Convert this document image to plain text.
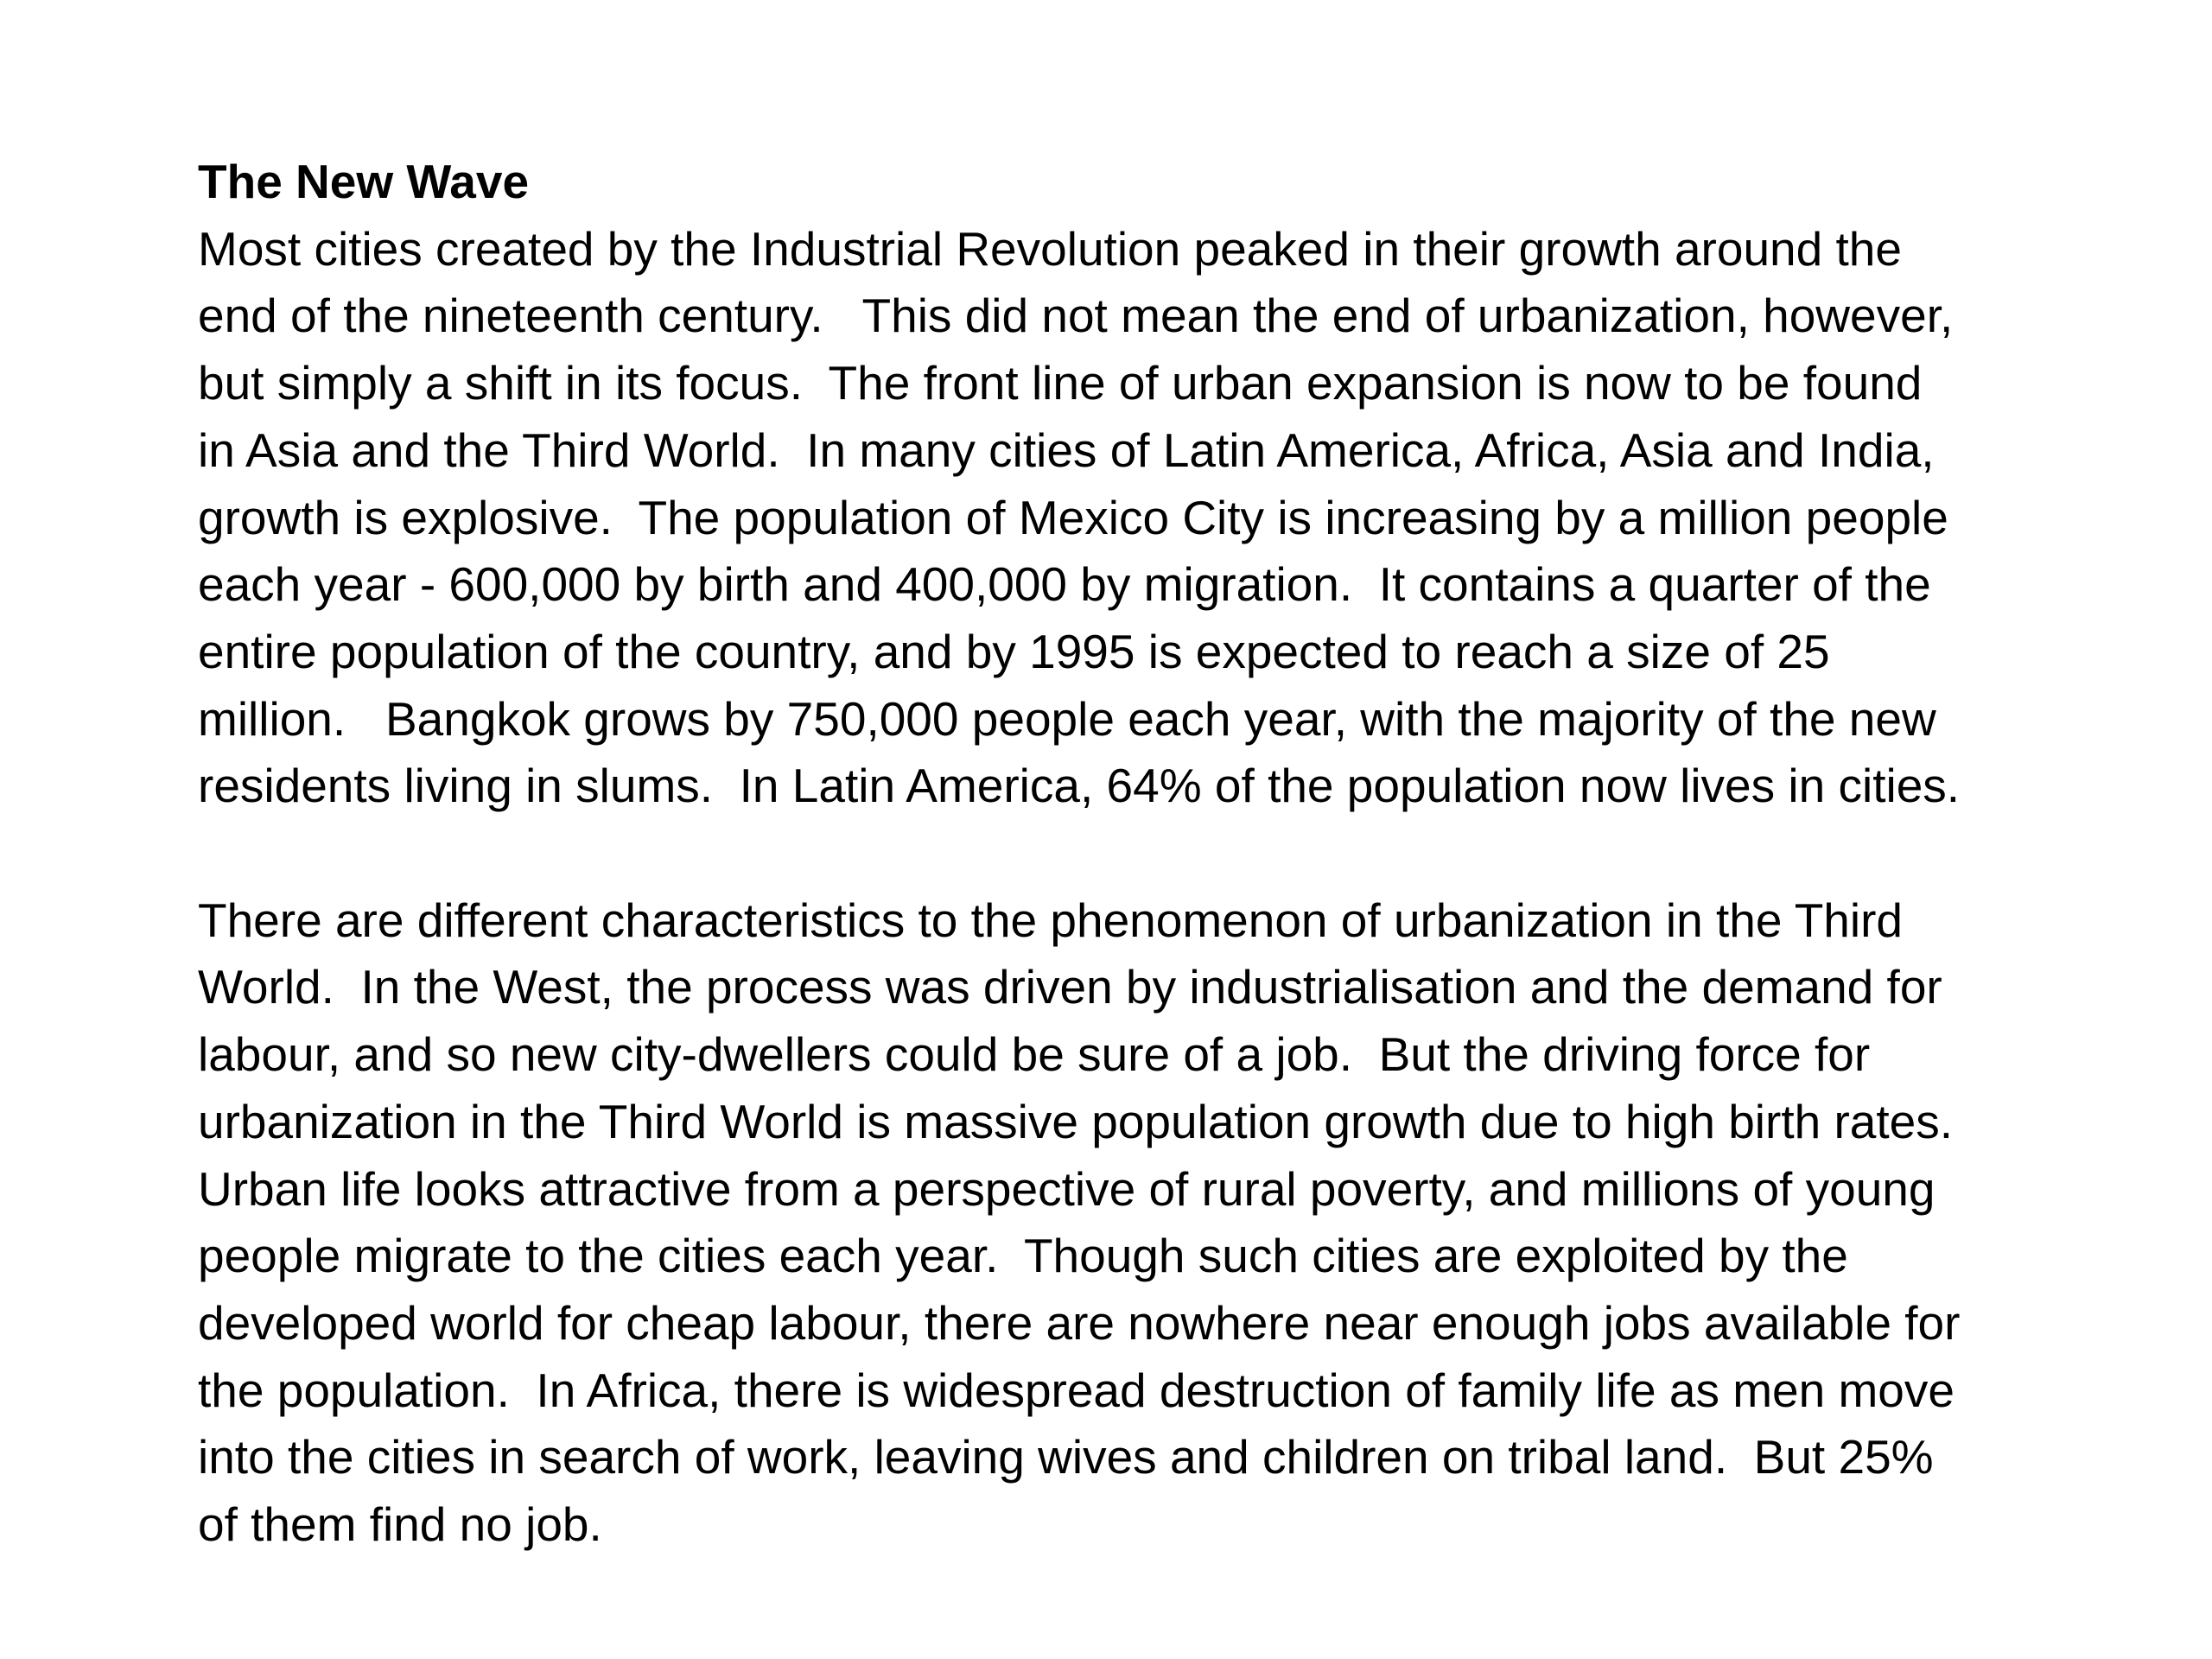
The New Wave
Most cities created by the Industrial Revolution peaked in their growth around the
end of the nineteenth century.   This did not mean the end of urbanization, however,
but simply a shift in its focus.  The front line of urban expansion is now to be found
in Asia and the Third World.  In many cities of Latin America, Africa, Asia and India,
growth is explosive.  The population of Mexico City is increasing by a million people
each year - 600,000 by birth and 400,000 by migration.  It contains a quarter of the
entire population of the country, and by 1995 is expected to reach a size of 25
million.   Bangkok grows by 750,000 people each year, with the majority of the new
residents living in slums.  In Latin America, 64% of the population now lives in cities.
There are different characteristics to the phenomenon of urbanization in the Third
World.  In the West, the process was driven by industrialisation and the demand for
labour, and so new city-dwellers could be sure of a job.  But the driving force for
urbanization in the Third World is massive population growth due to high birth rates.
Urban life looks attractive from a perspective of rural poverty, and millions of young
people migrate to the cities each year.  Though such cities are exploited by the
developed world for cheap labour, there are nowhere near enough jobs available for
the population.  In Africa, there is widespread destruction of family life as men move
into the cities in search of work, leaving wives and children on tribal land.  But 25%
of them find no job.
